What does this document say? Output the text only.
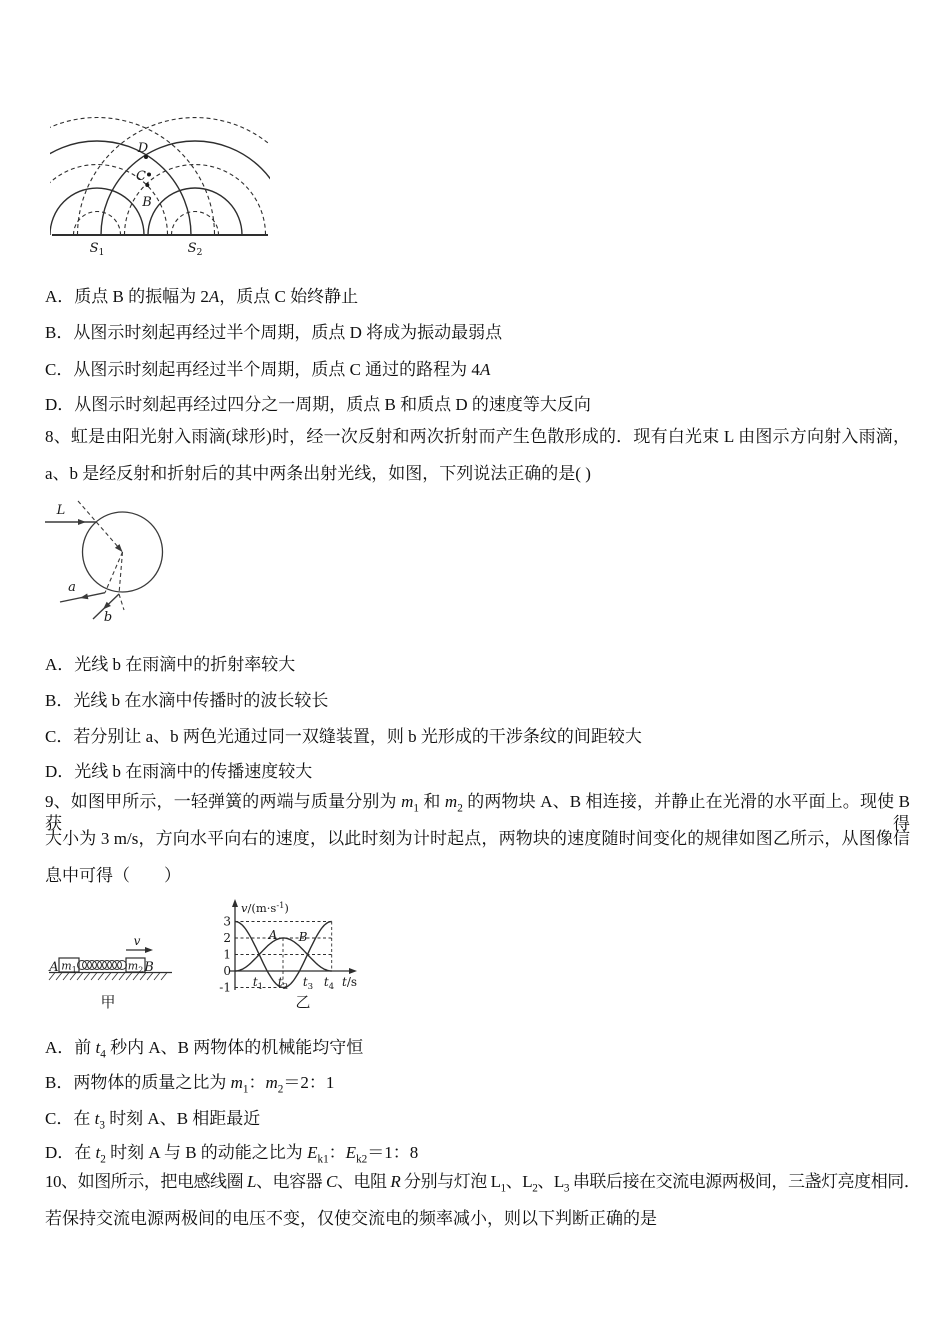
D
C
B
$S_1$	$S_2$
A．质点 B 的振幅为 2A，质点 C 始终静止
B．从图示时刻起再经过半个周期，质点 D 将成为振动最弱点
C．从图示时刻起再经过半个周期，质点 C 通过的路程为 4A
D．从图示时刻起再经过四分之一周期，质点 B 和质点 D 的速度等大反向
8、虹是由阳光射入雨滴(球形)时，经一次反射和两次折射而产生色散形成的．现有白光束 L 由图示方向射入雨滴，
a、b 是经反射和折射后的其中两条出射光线，如图，下列说法正确的是( )
L
a
b
A．光线 b 在雨滴中的折射率较大
B．光线 b 在水滴中传播时的波长较长
C．若分别让 a、b 两色光通过同一双缝装置，则 b 光形成的干涉条纹的间距较大
D．光线 b 在雨滴中的传播速度较大
9、如图甲所示，一轻弹簧的两端与质量分别为 $m_1$ 和 $m_2$ 的两物块 A、B 相连接，并静止在光滑的水平面上。现使 B 获得
大小为 3 m/s，方向水平向右的速度，以此时刻为计时起点，两物块的速度随时间变化的规律如图乙所示，从图像信
息中可得（　　）
A	B
$m_1$	$m_2$
v
甲
3
2
1
0
-1 $t_1$ $t_2$ $t_3$ $t_4$
$v/(m\cdot s^{-1})$
t/s
A B
乙
A．前 $t_4$ 秒内 A、B 两物体的机械能均守恒
B．两物体的质量之比为 $m_1$：$m_2=2$：1
C．在 $t_3$ 时刻 A、B 相距最近
D．在 $t_2$ 时刻 A 与 B 的动能之比为 $E_{k1}$：$E_{k2}=1$：8
10、如图所示，把电感线圈 L、电容器 C、电阻 R 分别与灯泡 $L_1$、$L_2$、$L_3$ 串联后接在交流电源两极间，三盏灯亮度相同．
若保持交流电源两极间的电压不变，仅使交流电的频率减小，则以下判断正确的是
